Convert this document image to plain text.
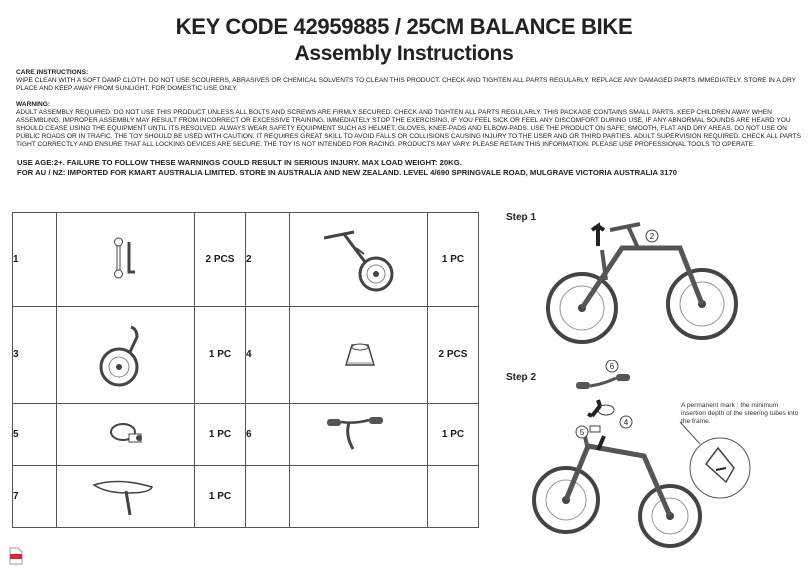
KEY CODE 42959885 / 25CM BALANCE BIKE
Assembly Instructions
CARE INSTRUCTIONS:
WIPE CLEAN WITH A SOFT DAMP CLOTH. DO NOT USE SCOURERS, ABRASIVES OR CHEMICAL SOLVENTS TO CLEAN THIS PRODUCT. CHECK AND TIGHTEN ALL PARTS REGULARLY. REPLACE ANY DAMAGED PARTS IMMEDIATELY. STORE IN A DRY PLACE AND KEEP AWAY FROM SUNLIGHT. FOR DOMESTIC USE ONLY.
WARNING:
ADULT ASSEMBLY REQUIRED. DO NOT USE THIS PRODUCT UNLESS ALL BOLTS AND SCREWS ARE FIRMLY SECURED. CHECK AND TIGHTEN ALL PARTS REGULARLY. THIS PACKAGE CONTAINS SMALL PARTS. KEEP CHILDREN AWAY WHEN ASSEMBLING. IMPROPER ASSEMBLY MAY RESULT FROM INCORRECT OR EXCESSIVE TRAINING. IMMEDIATELY STOP THE EXERCISING, IF YOU FEEL SICK OR FEEL ANY DISCOMFORT DURING USE, IF ANY ABNORMAL SOUNDS ARE HEARD YOU SHOULD CEASE USING THE EQUIPMENT UNTIL ITS RESOLVED. ALWAYS WEAR SAFETY EQUIPMENT SUCH AS HELMET, GLOVES, KNEE-PADS AND ELBOW-PADS. USE THE PRODUCT ON SAFE, SMOOTH, FLAT AND DRY AREAS. DO NOT USE ON PUBLIC ROADS OR IN TRAFIC. THE TOY SHOULD BE USED WITH CAUTION. IT REQUIRES GREAT SKILL TO AVOID FALLS OR COLLISIONS CAUSING INJURY TO THE USER AND OR THIRD PARTIES. ADULT SUPERVISION REQUIRED. CHECK ALL PARTS TIGHT CORRECTLY AND ENSURE THAT ALL LOCKING DEVICES ARE SECURE. THE TOY IS NOT INTENDED FOR RACING. PRODUCTS MAY VARY. PLEASE RETAIN THIS INFORMATION. PLEASE USE PROFESSIONAL TOOLS TO OPERATE.
USE AGE:2+. FAILURE TO FOLLOW THESE WARNINGS COULD RESULT IN SERIOUS INJURY. MAX LOAD WEIGHT: 20KG.
FOR AU / NZ: IMPORTED FOR KMART AUSTRALIA LIMITED. STORE IN AUSTRALIA AND NEW ZEALAND. LEVEL 4/690 SPRINGVALE ROAD, MULGRAVE VICTORIA AUSTRALIA 3170
1		2 PCS	2		1 PC
3		1 PC	4		2 PCS
5		1 PC	6		1 PC
7		1 PC			
Step 1
Step 2
2
6
4
5
A permanent mark : the minimum insertion depth of the steering tubes into the frame.
